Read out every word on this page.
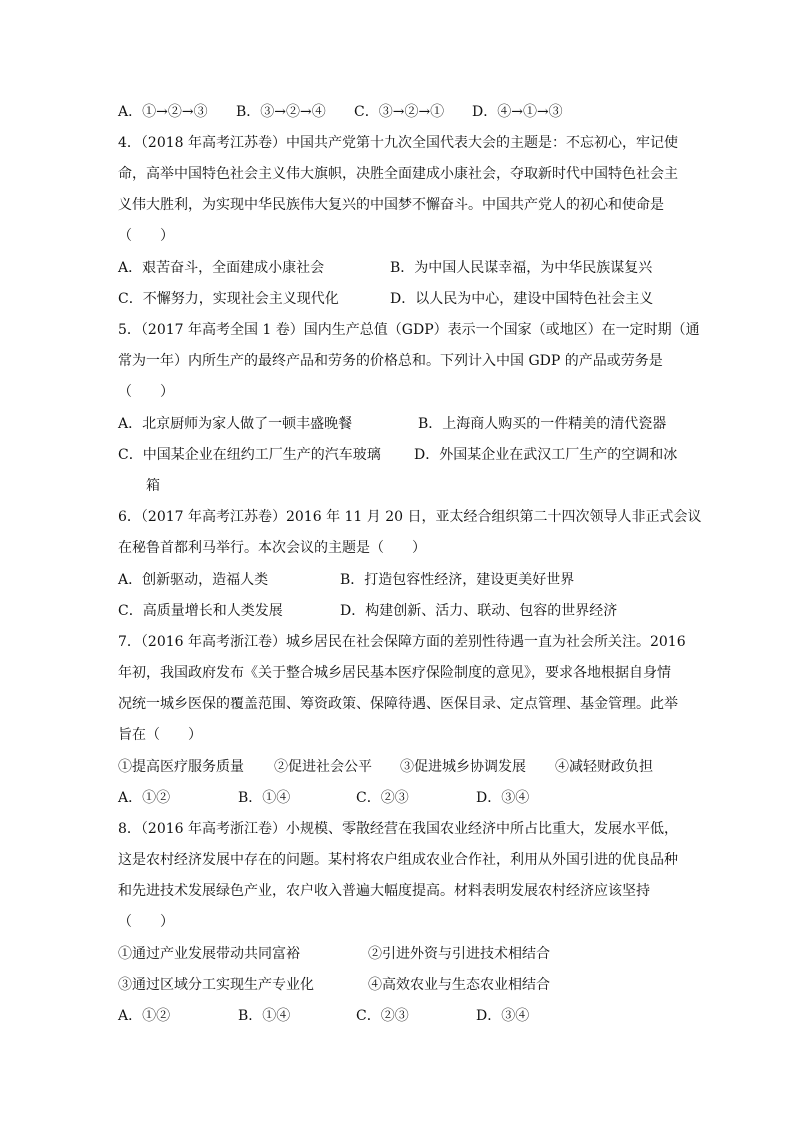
A．①→②→③ B．③→②→④ C．③→②→① D．④→①→③
4．（2018 年高考江苏卷）中国共产党第十九次全国代表大会的主题是：不忘初心，牢记使
命，高举中国特色社会主义伟大旗帜，决胜全面建成小康社会，夺取新时代中国特色社会主
义伟大胜利，为实现中华民族伟大复兴的中国梦不懈奋斗。中国共产党人的初心和使命是
（　　）
A．艰苦奋斗，全面建成小康社会	B．为中国人民谋幸福，为中华民族谋复兴
C．不懈努力，实现社会主义现代化	D．以人民为中心，建设中国特色社会主义
5．（2017 年高考全国 1 卷）国内生产总值（GDP）表示一个国家（或地区）在一定时期（通
常为一年）内所生产的最终产品和劳务的价格总和。下列计入中国 GDP 的产品或劳务是
（　　）
A．北京厨师为家人做了一顿丰盛晚餐	B．上海商人购买的一件精美的清代瓷器
C．中国某企业在纽约工厂生产的汽车玻璃 D．外国某企业在武汉工厂生产的空调和冰
箱
6．（2017 年高考江苏卷）2016 年 11 月 20 日，亚太经合组织第二十四次领导人非正式会议
在秘鲁首都利马举行。本次会议的主题是（　　）
A．创新驱动，造福人类	B．打造包容性经济，建设更美好世界
C．高质量增长和人类发展	D．构建创新、活力、联动、包容的世界经济
7．（2016 年高考浙江卷）城乡居民在社会保障方面的差别性待遇一直为社会所关注。2016
年初，我国政府发布《关于整合城乡居民基本医疗保险制度的意见》，要求各地根据自身情
况统一城乡医保的覆盖范围、筹资政策、保障待遇、医保目录、定点管理、基金管理。此举
旨在（　　）
①提高医疗服务质量 ②促进社会公平 ③促进城乡协调发展 ④减轻财政负担
A．①②	B．①④	C．②③	D．③④
8．（2016 年高考浙江卷）小规模、零散经营在我国农业经济中所占比重大，发展水平低，
这是农村经济发展中存在的问题。某村将农户组成农业合作社，利用从外国引进的优良品种
和先进技术发展绿色产业，农户收入普遍大幅度提高。材料表明发展农村经济应该坚持
（　　）
①通过产业发展带动共同富裕	②引进外资与引进技术相结合
③通过区域分工实现生产专业化	④高效农业与生态农业相结合
A．①②	B．①④	C．②③	D．③④
